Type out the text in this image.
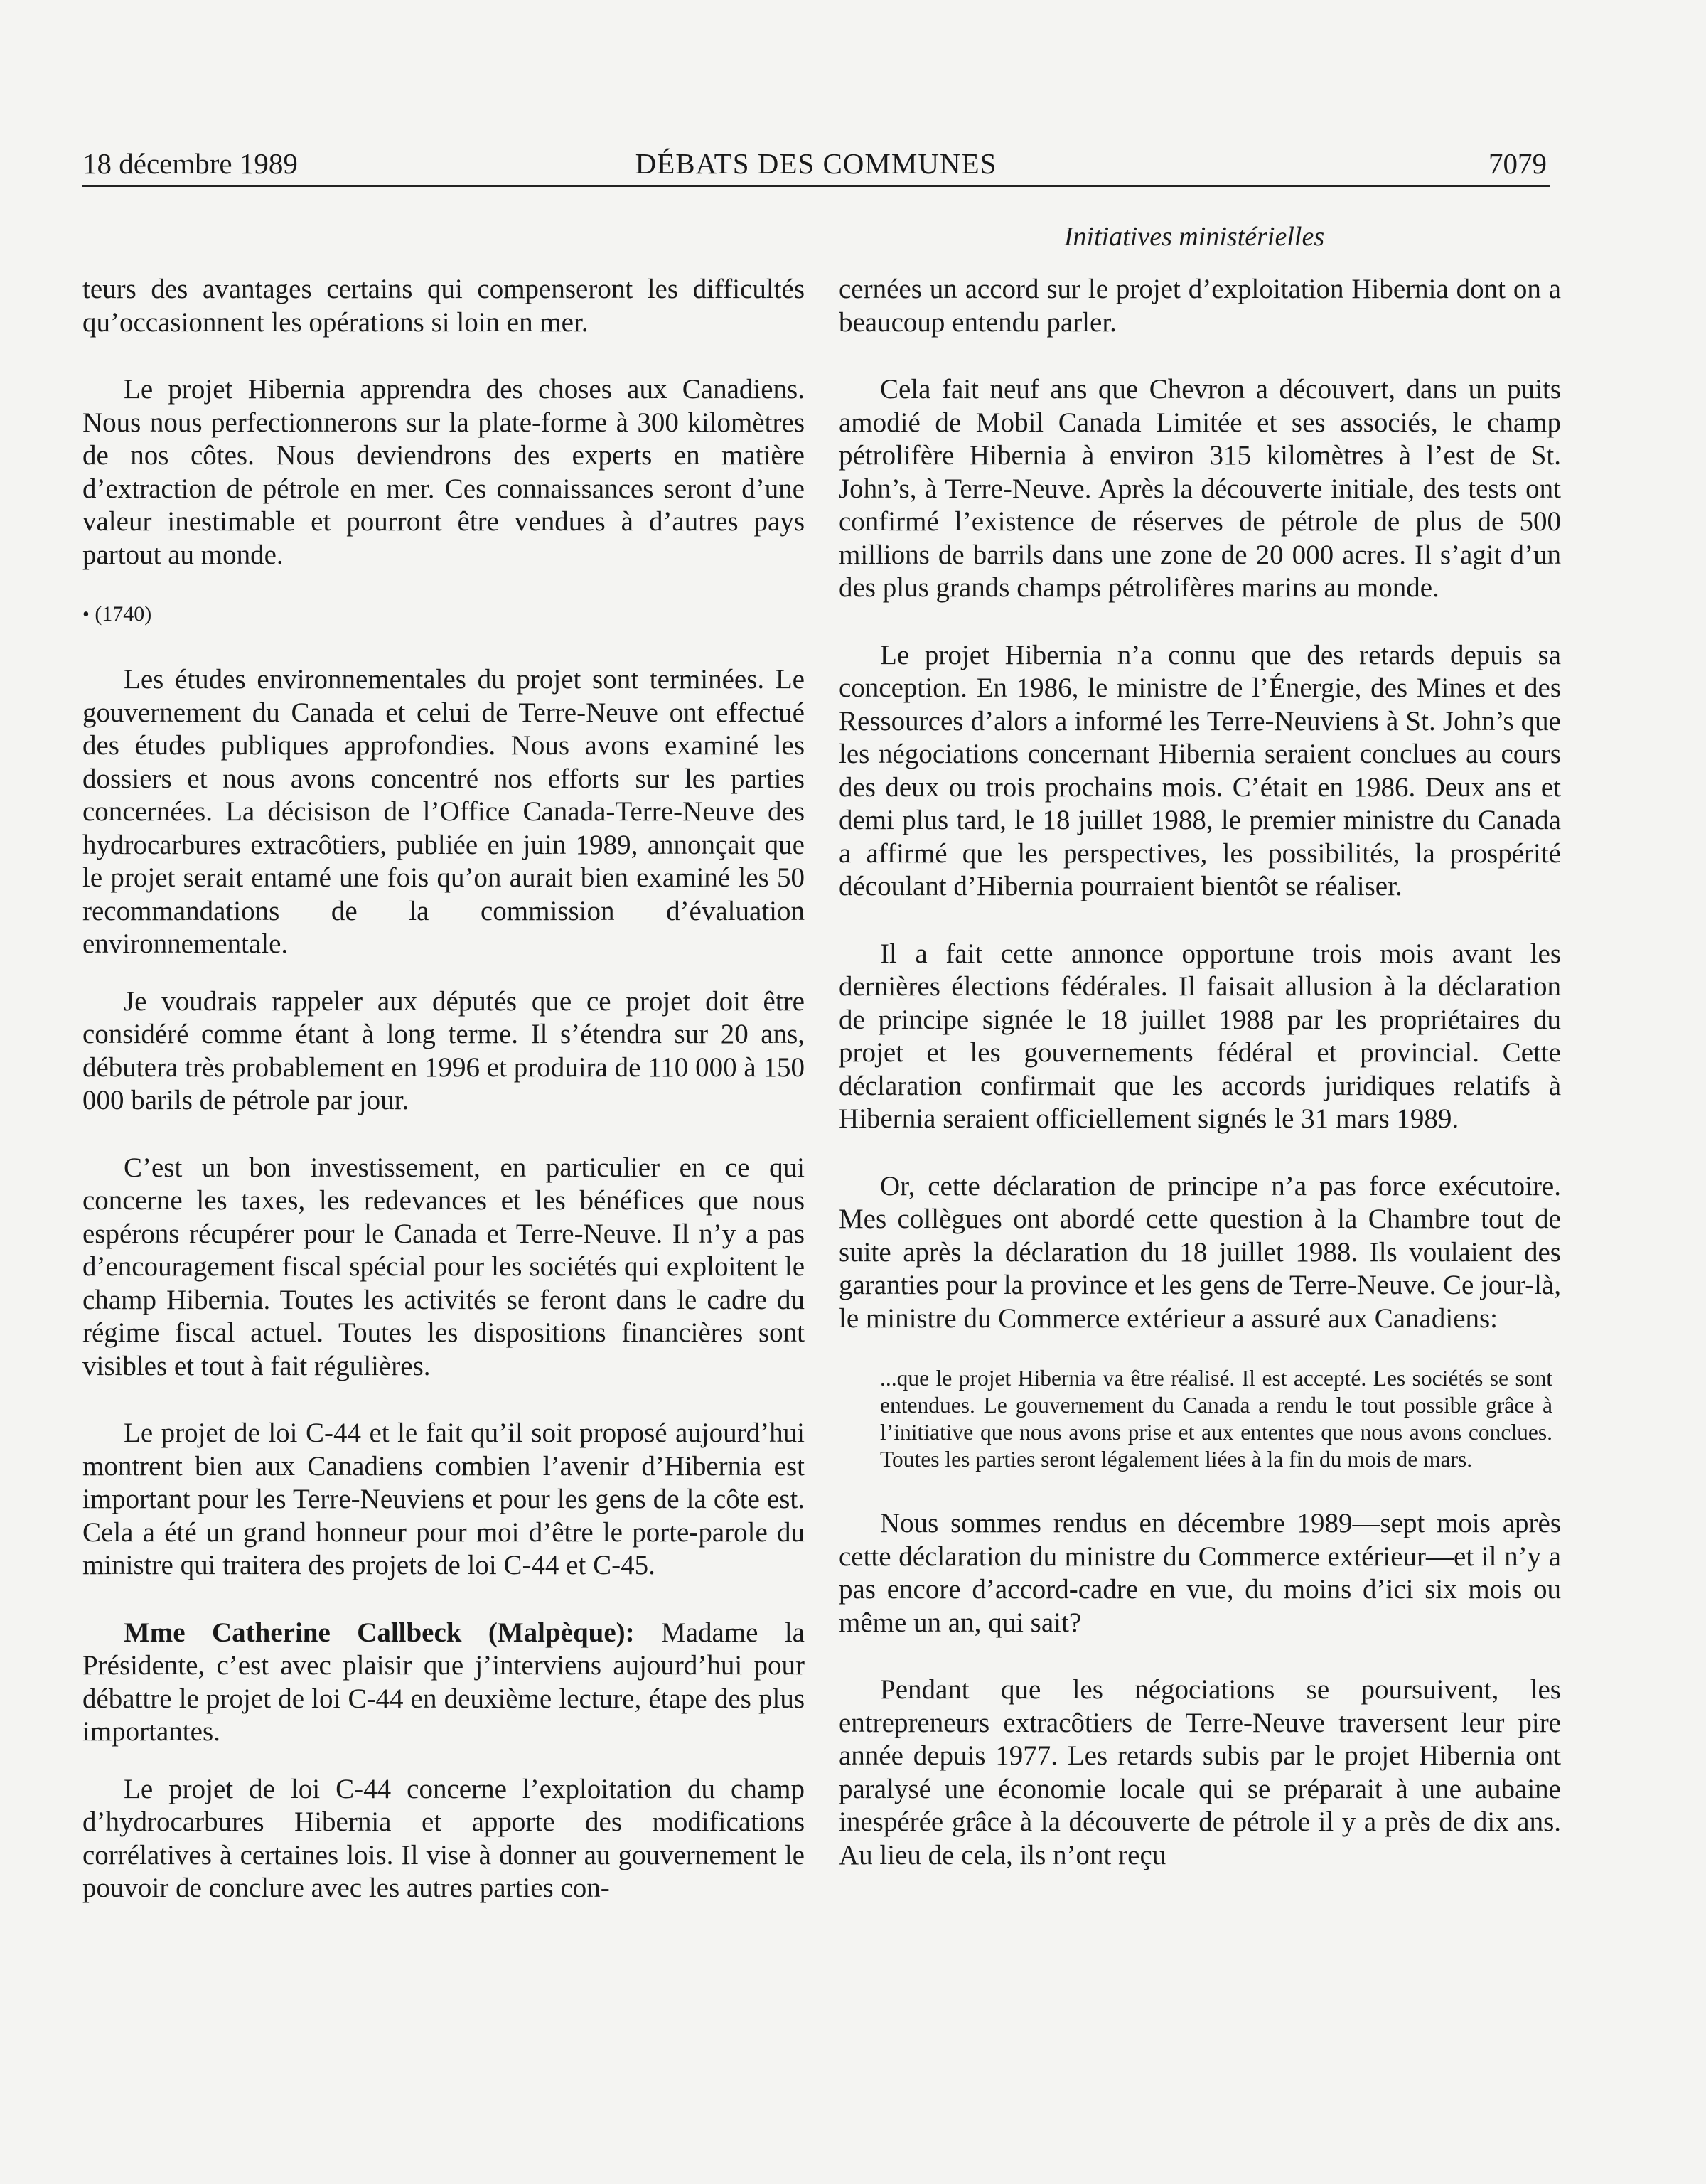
18 décembre 1989	DÉBATS DES COMMUNES	7079
Initiatives ministérielles

teurs des avantages certains qui compenseront les difficultés qu’occasionnent les opérations si loin en mer.

Le projet Hibernia apprendra des choses aux Canadiens. Nous nous perfectionnerons sur la plate-forme à 300 kilomètres de nos côtes. Nous deviendrons des experts en matière d’extraction de pétrole en mer. Ces connaissances seront d’une valeur inestimable et pourront être vendues à d’autres pays partout au monde.

• (1740)

Les études environnementales du projet sont terminées. Le gouvernement du Canada et celui de Terre-Neuve ont effectué des études publiques approfondies. Nous avons examiné les dossiers et nous avons concentré nos efforts sur les parties concernées. La décisison de l’Office Canada-Terre-Neuve des hydrocarbures extracôtiers, publiée en juin 1989, annonçait que le projet serait entamé une fois qu’on aurait bien examiné les 50 recommandations de la commission d’évaluation environnementale.

Je voudrais rappeler aux députés que ce projet doit être considéré comme étant à long terme. Il s’étendra sur 20 ans, débutera très probablement en 1996 et produira de 110 000 à 150 000 barils de pétrole par jour.

C’est un bon investissement, en particulier en ce qui concerne les taxes, les redevances et les bénéfices que nous espérons récupérer pour le Canada et Terre-Neuve. Il n’y a pas d’encouragement fiscal spécial pour les sociétés qui exploitent le champ Hibernia. Toutes les activités se feront dans le cadre du régime fiscal actuel. Toutes les dispositions financières sont visibles et tout à fait régulières.

Le projet de loi C-44 et le fait qu’il soit proposé aujourd’hui montrent bien aux Canadiens combien l’avenir d’Hibernia est important pour les Terre-Neuviens et pour les gens de la côte est. Cela a été un grand honneur pour moi d’être le porte-parole du ministre qui traitera des projets de loi C-44 et C-45.

Mme Catherine Callbeck (Malpèque): Madame la Présidente, c’est avec plaisir que j’interviens aujourd’hui pour débattre le projet de loi C-44 en deuxième lecture, étape des plus importantes.

Le projet de loi C-44 concerne l’exploitation du champ d’hydrocarbures Hibernia et apporte des modifications corrélatives à certaines lois. Il vise à donner au gouvernement le pouvoir de conclure avec les autres parties con-

cernées un accord sur le projet d’exploitation Hibernia dont on a beaucoup entendu parler.

Cela fait neuf ans que Chevron a découvert, dans un puits amodié de Mobil Canada Limitée et ses associés, le champ pétrolifère Hibernia à environ 315 kilomètres à l’est de St. John’s, à Terre-Neuve. Après la découverte initiale, des tests ont confirmé l’existence de réserves de pétrole de plus de 500 millions de barrils dans une zone de 20 000 acres. Il s’agit d’un des plus grands champs pétrolifères marins au monde.

Le projet Hibernia n’a connu que des retards depuis sa conception. En 1986, le ministre de l’Énergie, des Mines et des Ressources d’alors a informé les Terre-Neuviens à St. John’s que les négociations concernant Hibernia seraient conclues au cours des deux ou trois prochains mois. C’était en 1986. Deux ans et demi plus tard, le 18 juillet 1988, le premier ministre du Canada a affirmé que les perspectives, les possibilités, la prospérité découlant d’Hibernia pourraient bientôt se réaliser.

Il a fait cette annonce opportune trois mois avant les dernières élections fédérales. Il faisait allusion à la déclaration de principe signée le 18 juillet 1988 par les propriétaires du projet et les gouvernements fédéral et provincial. Cette déclaration confirmait que les accords juridiques relatifs à Hibernia seraient officiellement signés le 31 mars 1989.

Or, cette déclaration de principe n’a pas force exécutoire. Mes collègues ont abordé cette question à la Chambre tout de suite après la déclaration du 18 juillet 1988. Ils voulaient des garanties pour la province et les gens de Terre-Neuve. Ce jour-là, le ministre du Commerce extérieur a assuré aux Canadiens:

...que le projet Hibernia va être réalisé. Il est accepté. Les sociétés se sont entendues. Le gouvernement du Canada a rendu le tout possible grâce à l’initiative que nous avons prise et aux ententes que nous avons conclues. Toutes les parties seront légalement liées à la fin du mois de mars.

Nous sommes rendus en décembre 1989—sept mois après cette déclaration du ministre du Commerce extérieur—et il n’y a pas encore d’accord-cadre en vue, du moins d’ici six mois ou même un an, qui sait?

Pendant que les négociations se poursuivent, les entrepreneurs extracôtiers de Terre-Neuve traversent leur pire année depuis 1977. Les retards subis par le projet Hibernia ont paralysé une économie locale qui se préparait à une aubaine inespérée grâce à la découverte de pétrole il y a près de dix ans. Au lieu de cela, ils n’ont reçu
